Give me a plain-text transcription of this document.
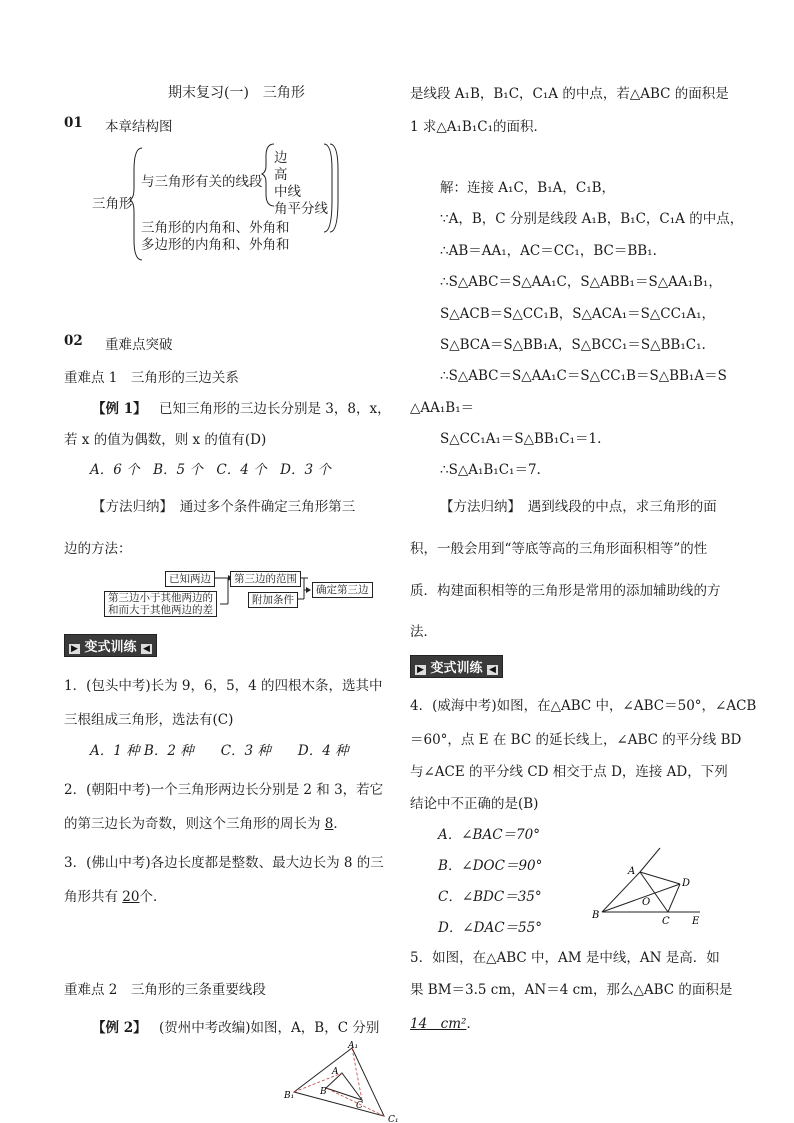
期末复习(一)　三角形
01 本章结构图
三角形
与三角形有关的线段
边
高
中线
角平分线
三角形的内角和、外角和
多边形的内角和、外角和
02 重难点突破
重难点 1　三角形的三边关系
【例 1】 已知三角形的三边长分别是 3，8，x，
若 x 的值为偶数，则 x 的值有(D)
A．6 个　B．5 个　C．4 个　D．3 个
【方法归纳】　通过多个条件确定三角形第三
边的方法：
已知两边
第三边小于其他两边的
和而大于其他两边的差
第三边的范围
附加条件
确定第三边
▶ 变式训练 ◀
1．(包头中考)长为 9，6，5，4 的四根木条，选其中
三根组成三角形，选法有(C)
A．1 种 B．2 种　　C．3 种　　D．4 种
2．(朝阳中考)一个三角形两边长分别是 2 和 3，若它
的第三边长为奇数，则这个三角形的周长为 8．
3．(佛山中考)各边长度都是整数、最大边长为 8 的三
角形共有 20个．
重难点 2　三角形的三条重要线段
【例 2】 (贺州中考改编)如图，A，B，C 分别
A₁
B₁
C₁
A
B
C
是线段 A₁B，B₁C，C₁A 的中点，若△ABC 的面积是
1 求△A₁B₁C₁的面积．
解：连接 A₁C，B₁A，C₁B，
∵A，B，C 分别是线段 A₁B，B₁C，C₁A 的中点，
∴AB＝AA₁，AC＝CC₁，BC＝BB₁.
∴S△ABC＝S△AA₁C，S△ABB₁＝S△AA₁B₁，
S△ACB＝S△CC₁B，S△ACA₁＝S△CC₁A₁，
S△BCA＝S△BB₁A，S△BCC₁＝S△BB₁C₁.
∴S△ABC＝S△AA₁C＝S△CC₁B＝S△BB₁A＝S
△AA₁B₁＝
S△CC₁A₁＝S△BB₁C₁＝1.
∴S△A₁B₁C₁＝7.
【方法归纳】　遇到线段的中点，求三角形的面
积，一般会用到“等底等高的三角形面积相等”的性
质．构建面积相等的三角形是常用的添加辅助线的方
法．
▶ 变式训练 ◀
4．(威海中考)如图，在△ABC 中，∠ABC＝50°，∠ACB
＝60°，点 E 在 BC 的延长线上，∠ABC 的平分线 BD
与∠ACE 的平分线 CD 相交于点 D，连接 AD，下列
结论中不正确的是(B)
A．∠BAC＝70°
B．∠DOC＝90°
C．∠BDC＝35°
D．∠DAC＝55°
A
B
C
D
E
O
5．如图，在△ABC 中，AM 是中线，AN 是高．如
果 BM＝3.5 cm，AN＝4 cm，那么△ABC 的面积是
14　cm²．
